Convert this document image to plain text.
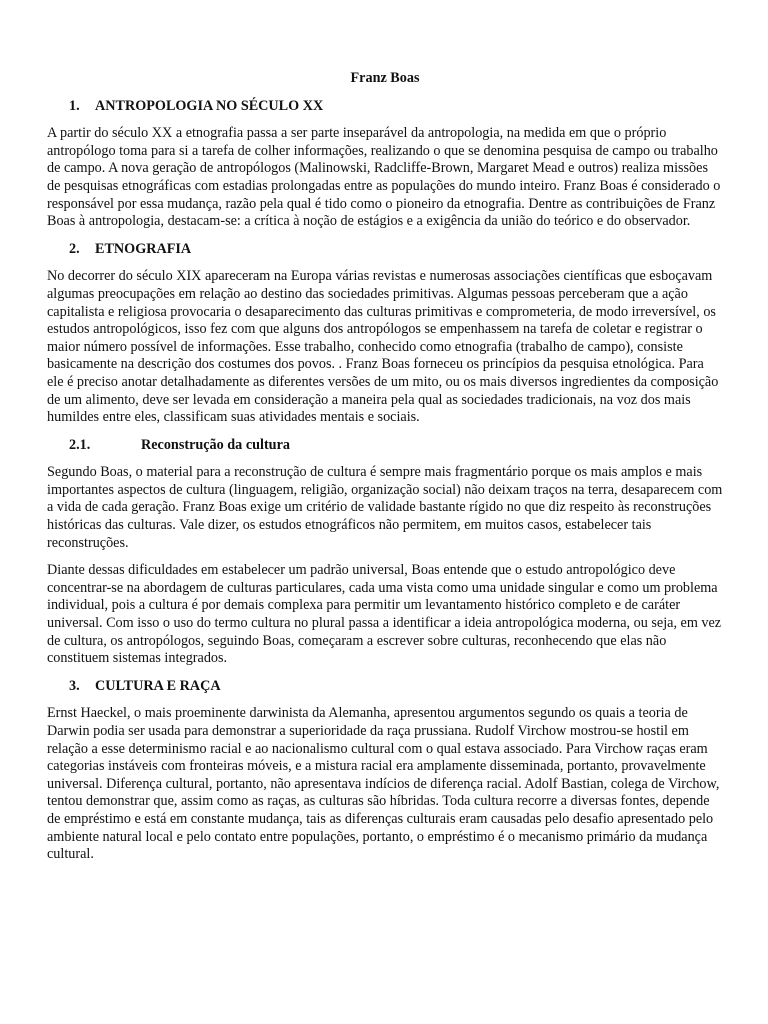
Franz Boas
1.	ANTROPOLOGIA NO SÉCULO XX

A partir do século XX a etnografia passa a ser parte inseparável da antropologia, na medida em que o próprio antropólogo toma para si a tarefa de colher informações, realizando o que se denomina pesquisa de campo ou trabalho de campo. A nova geração de antropólogos (Malinowski, Radcliffe-Brown, Margaret Mead e outros) realiza missões de pesquisas etnográficas com estadias prolongadas entre as populações do mundo inteiro. Franz Boas é considerado o responsável por essa mudança, razão pela qual é tido como o pioneiro da etnografia. Dentre as contribuições de Franz Boas à antropologia, destacam-se: a crítica à noção de estágios e a exigência da união do teórico e do observador.

2.	ETNOGRAFIA

No decorrer do século XIX apareceram na Europa várias revistas e numerosas associações científicas que esboçavam algumas preocupações em relação ao destino das sociedades primitivas. Algumas pessoas perceberam que a ação capitalista e religiosa provocaria o desaparecimento das culturas primitivas e comprometeria, de modo irreversível, os estudos antropológicos, isso fez com que alguns dos antropólogos se empenhassem na tarefa de coletar e registrar o maior número possível de informações. Esse trabalho, conhecido como etnografia (trabalho de campo), consiste basicamente na descrição dos costumes dos povos. . Franz Boas forneceu os princípios da pesquisa etnológica. Para ele é preciso anotar detalhadamente as diferentes versões de um mito, ou os mais diversos ingredientes da composição de um alimento, deve ser levada em consideração a maneira pela qual as sociedades tradicionais, na voz dos mais humildes entre eles, classificam suas atividades mentais e sociais.

2.1.	Reconstrução da cultura

Segundo Boas, o material para a reconstrução de cultura é sempre mais fragmentário porque os mais amplos e mais importantes aspectos de cultura (linguagem, religião, organização social) não deixam traços na terra, desaparecem com a vida de cada geração. Franz Boas exige um critério de validade bastante rígido no que diz respeito às reconstruções históricas das culturas. Vale dizer, os estudos etnográficos não permitem, em muitos casos, estabelecer tais reconstruções.

Diante dessas dificuldades em estabelecer um padrão universal, Boas entende que o estudo antropológico deve concentrar-se na abordagem de culturas particulares, cada uma vista como uma unidade singular e como um problema individual, pois a cultura é por demais complexa para permitir um levantamento histórico completo e de caráter universal. Com isso o uso do termo cultura no plural passa a identificar a ideia antropológica moderna, ou seja, em vez de cultura, os antropólogos, seguindo Boas, começaram a escrever sobre culturas, reconhecendo que elas não constituem sistemas integrados.

3.	CULTURA E RAÇA

Ernst Haeckel, o mais proeminente darwinista da Alemanha, apresentou argumentos segundo os quais a teoria de Darwin podia ser usada para demonstrar a superioridade da raça prussiana. Rudolf Virchow mostrou-se hostil em relação a esse determinismo racial e ao nacionalismo cultural com o qual estava associado. Para Virchow raças eram categorias instáveis com fronteiras móveis, e a mistura racial era amplamente disseminada, portanto, provavelmente universal. Diferença cultural, portanto, não apresentava indícios de diferença racial. Adolf Bastian, colega de Virchow, tentou demonstrar que, assim como as raças, as culturas são híbridas. Toda cultura recorre a diversas fontes, depende de empréstimo e está em constante mudança, tais as diferenças culturais eram causadas pelo desafio apresentado pelo ambiente natural local e pelo contato entre populações, portanto, o empréstimo é o mecanismo primário da mudança cultural.
